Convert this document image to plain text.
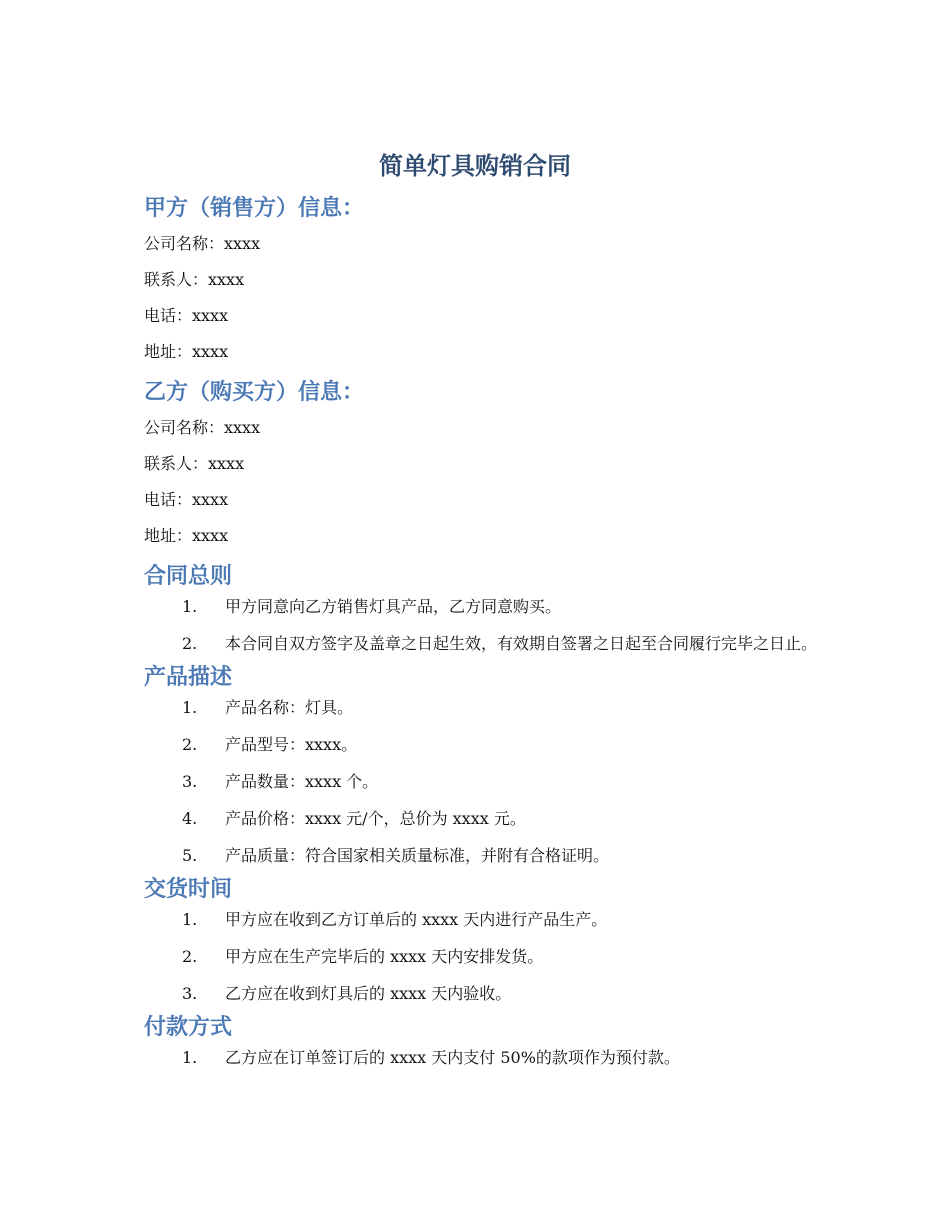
简单灯具购销合同
甲方（销售方）信息：

公司名称：xxxx

联系人：xxxx

电话：xxxx

地址：xxxx

乙方（购买方）信息：

公司名称：xxxx

联系人：xxxx

电话：xxxx

地址：xxxx

合同总则
1. 甲方同意向乙方销售灯具产品，乙方同意购买。
2. 本合同自双方签字及盖章之日起生效，有效期自签署之日起至合同履行完毕之日止。
产品描述
1. 产品名称：灯具。
2. 产品型号：xxxx。
3. 产品数量：xxxx 个。
4. 产品价格：xxxx 元/个，总价为 xxxx 元。
5. 产品质量：符合国家相关质量标准，并附有合格证明。
交货时间
1. 甲方应在收到乙方订单后的 xxxx 天内进行产品生产。
2. 甲方应在生产完毕后的 xxxx 天内安排发货。
3. 乙方应在收到灯具后的 xxxx 天内验收。
付款方式
1. 乙方应在订单签订后的 xxxx 天内支付 50%的款项作为预付款。
